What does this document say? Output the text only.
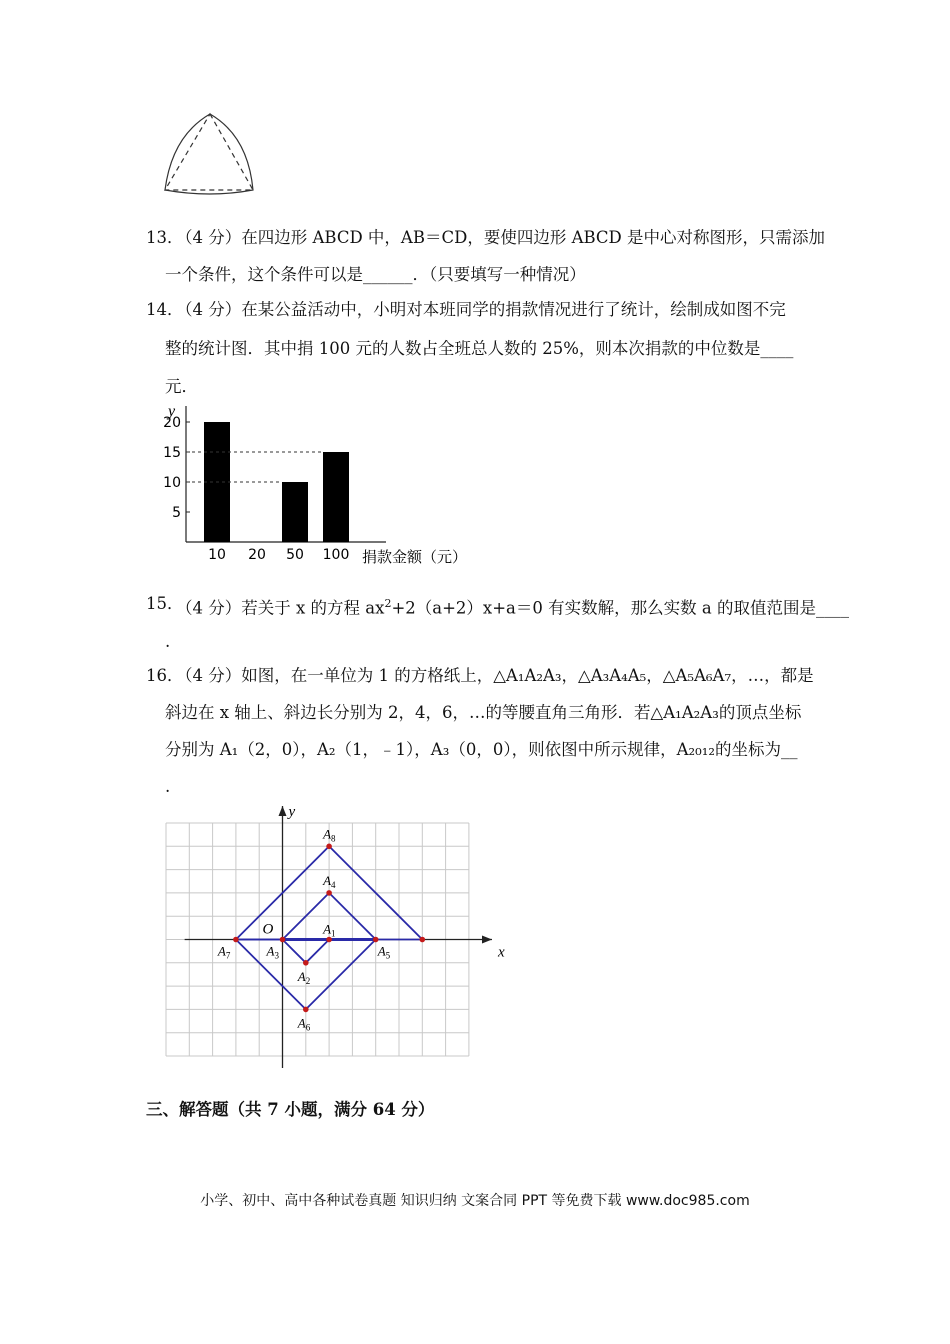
13．
（4 分）在四边形 ABCD 中，AB＝CD，要使四边形 ABCD 是中心对称图形，只需添加
一个条件，这个条件可以是______．（只要填写一种情况）
14．
（4 分）在某公益活动中，小明对本班同学的捐款情况进行了统计，绘制成如图不完
整的统计图．其中捐 100 元的人数占全班总人数的 25%，则本次捐款的中位数是____
元．
y
捐款金额（元）
5
10
15
20
10 20 50 100
15．
（4 分）若关于 x 的方程 $ax^2+2(a+2)x+a=0$ 有实数解，那么实数 a 的取值范围是____
.
16．
（4 分）如图，在一单位为 1 的方格纸上，△A₁A₂A₃，△A₃A₄A₅，△A₅A₆A₇，…，都是
斜边在 x 轴上、斜边长分别为 2，4，6，…的等腰直角三角形．若△A₁A₂A₃的顶点坐标
分别为 A₁（2，0），A₂（1，﹣1），A₃（0，0），则依图中所示规律，A₂₀₁₂的坐标为__
.
x
y
O	$A_1$
$A_2$
$A_3$
$A_4$
$A_5$
$A_6$
$A_7$
$A_8$
三、解答题（共 7 小题，满分 64 分）
小学、初中、高中各种试卷真题 知识归纳 文案合同 PPT 等免费下载 www.doc985.com
